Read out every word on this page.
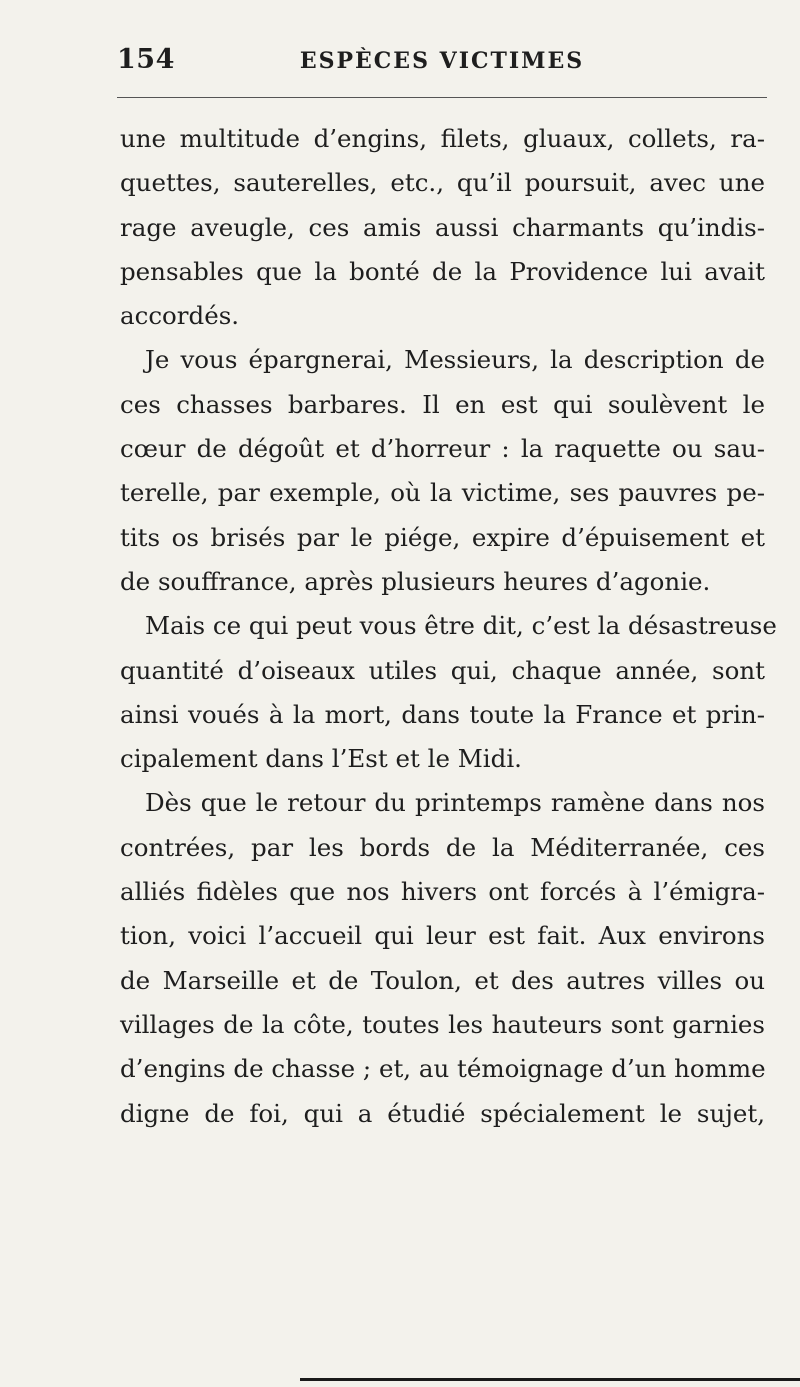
154	ESPÈCES VICTIMES
une multitude d’engins, filets, gluaux, collets, ra-
quettes, sauterelles, etc., qu’il poursuit, avec une
rage aveugle, ces amis aussi charmants qu’indis-
pensables que la bonté de la Providence lui avait
accordés.
Je vous épargnerai, Messieurs, la description de
ces chasses barbares. Il en est qui soulèvent le
cœur de dégoût et d’horreur : la raquette ou sau-
terelle, par exemple, où la victime, ses pauvres pe-
tits os brisés par le piége, expire d’épuisement et
de souffrance, après plusieurs heures d’agonie.
Mais ce qui peut vous être dit, c’est la désastreuse
quantité d’oiseaux utiles qui, chaque année, sont
ainsi voués à la mort, dans toute la France et prin-
cipalement dans l’Est et le Midi.
Dès que le retour du printemps ramène dans nos
contrées, par les bords de la Méditerranée, ces
alliés fidèles que nos hivers ont forcés à l’émigra-
tion, voici l’accueil qui leur est fait. Aux environs
de Marseille et de Toulon, et des autres villes ou
villages de la côte, toutes les hauteurs sont garnies
d’engins de chasse ; et, au témoignage d’un homme
digne de foi, qui a étudié spécialement le sujet,
